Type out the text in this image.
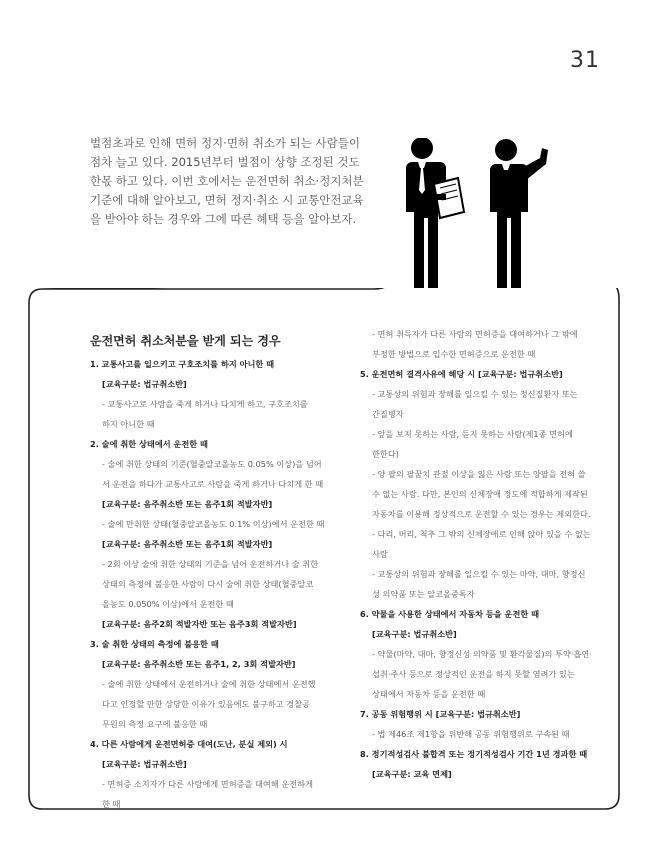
31
벌점초과로 인해 면허 정지·면허 취소가 되는 사람들이 점차 늘고 있다. 2015년부터 벌점이 상향 조정된 것도 한몫 하고 있다. 이번 호에서는 운전면허 취소·정지처분 기준에 대해 알아보고, 면허 정지·취소 시 교통안전교육을 받아야 하는 경우와 그에 따른 혜택 등을 알아보자.
운전면허 취소처분을 받게 되는 경우
1. 교통사고를 일으키고 구호조치를 하지 아니한 때
[교육구분: 법규취소반]
- 교통사고로 사람을 죽게 하거나 다치게 하고, 구호조치를
하지 아니한 때
2. 술에 취한 상태에서 운전한 때
- 술에 취한 상태의 기준(혈중알코올농도 0.05% 이상)을 넘어
서 운전을 하다가 교통사고로 사람을 죽게 하거나 다치게 한 때
[교육구분: 음주취소반 또는 음주1회 적발자반]
- 술에 만취한 상태(혈중알코올농도 0.1% 이상)에서 운전한 때
[교육구분: 음주취소반 또는 음주1회 적발자반]
- 2회 이상 술에 취한 상태의 기준을 넘어 운전하거나 술 취한
상태의 측정에 불응한 사람이 다시 술에 취한 상태(혈중알코
올농도 0.050% 이상)에서 운전한 때
[교육구분: 음주2회 적발자반 또는 음주3회 적발자반]
3. 술 취한 상태의 측정에 불응한 때
[교육구분: 음주취소반 또는 음주1, 2, 3회 적발자반]
- 술에 취한 상태에서 운전하거나 술에 취한 상태에서 운전했
다고 인정할 만한 상당한 이유가 있음에도 불구하고 경찰공
무원의 측정 요구에 불응한 때
4. 다른 사람에게 운전면허증 대여(도난, 분실 제외) 시
[교육구분: 법규취소반]
- 면허증 소지자가 다른 사람에게 면허증을 대여해 운전하게
한 때
- 면허 취득자가 다른 사람의 면허증을 대여하거나 그 밖에
부정한 방법으로 입수한 면허증으로 운전한 때
5. 운전면허 결격사유에 해당 시 [교육구분: 법규취소반]
- 교통상의 위험과 장해를 일으킬 수 있는 정신질환자 또는
간질병자
- 앞을 보지 못하는 사람, 듣지 못하는 사람(제1종 면허에
한한다)
- 양 팔의 팔꿈치 관절 이상을 잃은 사람 또는 양팔을 전혀 쓸
수 없는 사람. 다만, 본인의 신체장애 정도에 적합하게 제작된
자동차를 이용해 정상적으로 운전할 수 있는 경우는 제외한다.
- 다리, 머리, 척추 그 밖의 신체장애로 인해 앉아 있을 수 없는
사람
- 교통상의 위험과 장해를 일으킬 수 있는 마약, 대마, 향정신
성 의약품 또는 알코올중독자
6. 약물을 사용한 상태에서 자동차 등을 운전한 때
[교육구분: 법규취소반]
- 약물(마약, 대마, 향정신성 의약품 및 환각물질)의 투약·흡연·
섭취·주사 등으로 정상적인 운전을 하지 못할 염려가 있는
상태에서 자동차 등을 운전한 때
7. 공동 위험행위 시 [교육구분: 법규취소반]
- 법 제46조 제1항을 위반해 공동 위험행위로 구속된 때
8. 정기적성검사 불합격 또는 정기적성검사 기간 1년 경과한 때
[교육구분: 교육 면제]
